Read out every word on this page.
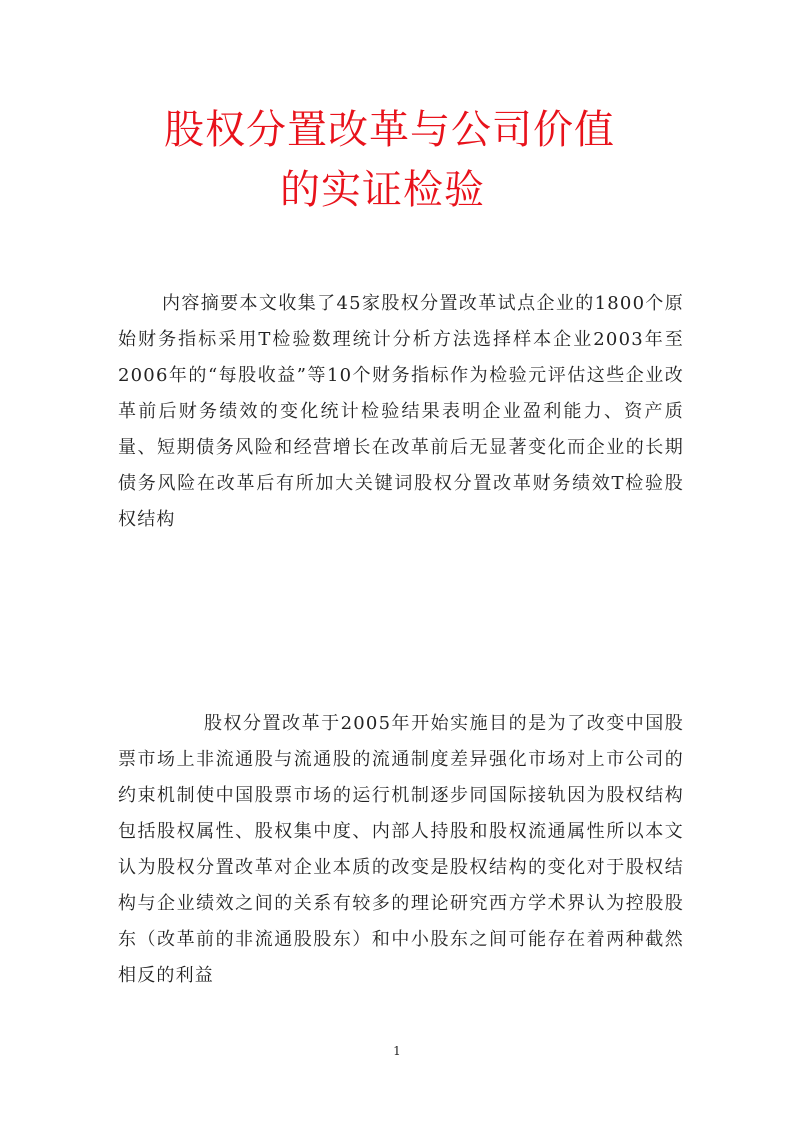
股权分置改革与公司价值
的实证检验

内容摘要本文收集了45家股权分置改革试点企业的1800个原始财务指标采用T检验数理统计分析方法选择样本企业2003年至2006年的“每股收益”等10个财务指标作为检验元评估这些企业改革前后财务绩效的变化统计检验结果表明企业盈利能力、资产质量、短期债务风险和经营增长在改革前后无显著变化而企业的长期债务风险在改革后有所加大关键词股权分置改革财务绩效T检验股权结构

股权分置改革于2005年开始实施目的是为了改变中国股票市场上非流通股与流通股的流通制度差异强化市场对上市公司的约束机制使中国股票市场的运行机制逐步同国际接轨因为股权结构包括股权属性、股权集中度、内部人持股和股权流通属性所以本文认为股权分置改革对企业本质的改变是股权结构的变化对于股权结构与企业绩效之间的关系有较多的理论研究西方学术界认为控股股东（改革前的非流通股股东）和中小股东之间可能存在着两种截然相反的利益

1
